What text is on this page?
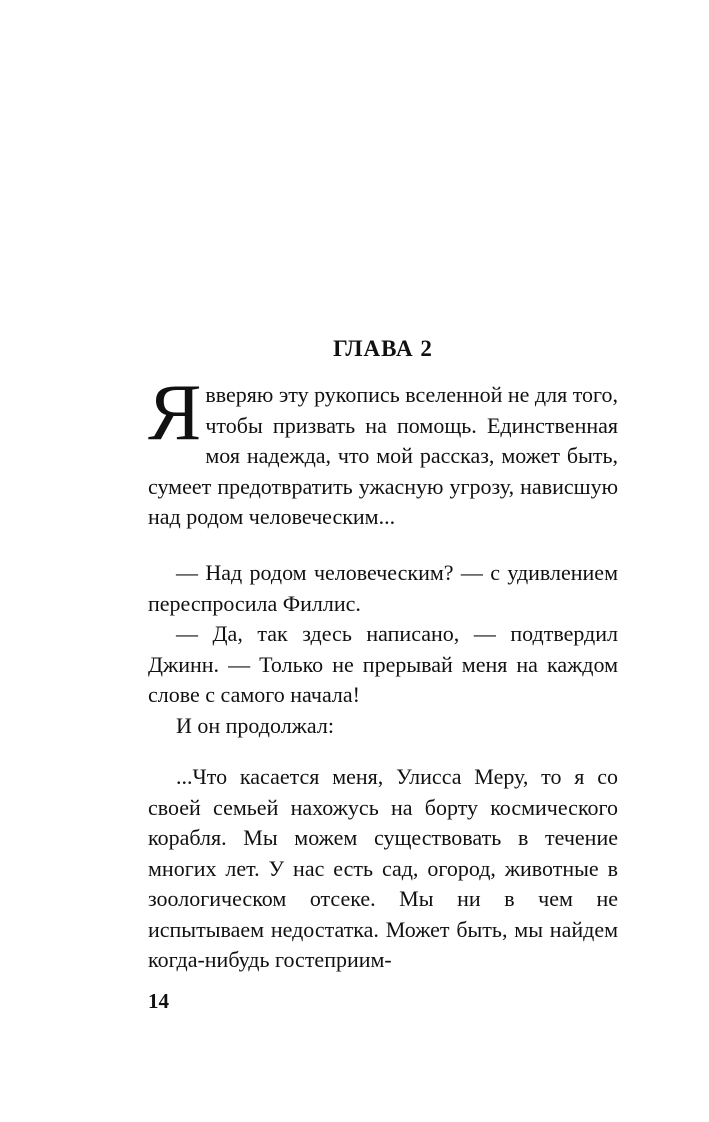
ГЛАВА 2

Явверяю эту рукопись вселенной не для того, чтобы призвать на помощь. Единственная моя надежда, что мой рассказ, может быть, сумеет предотвратить ужасную угрозу, нависшую над родом человеческим...

— Над родом человеческим? — с удивлением переспросила Филлис.

— Да, так здесь написано, — подтвердил Джинн. — Только не прерывай меня на каждом слове с самого начала!

И он продолжал:

...Что касается меня, Улисса Меру, то я со своей семьей нахожусь на борту космического корабля. Мы можем существовать в течение многих лет. У нас есть сад, огород, животные в зоологическом отсеке. Мы ни в чем не испытываем недостатка. Может быть, мы найдем когда-нибудь гостеприим-

14
